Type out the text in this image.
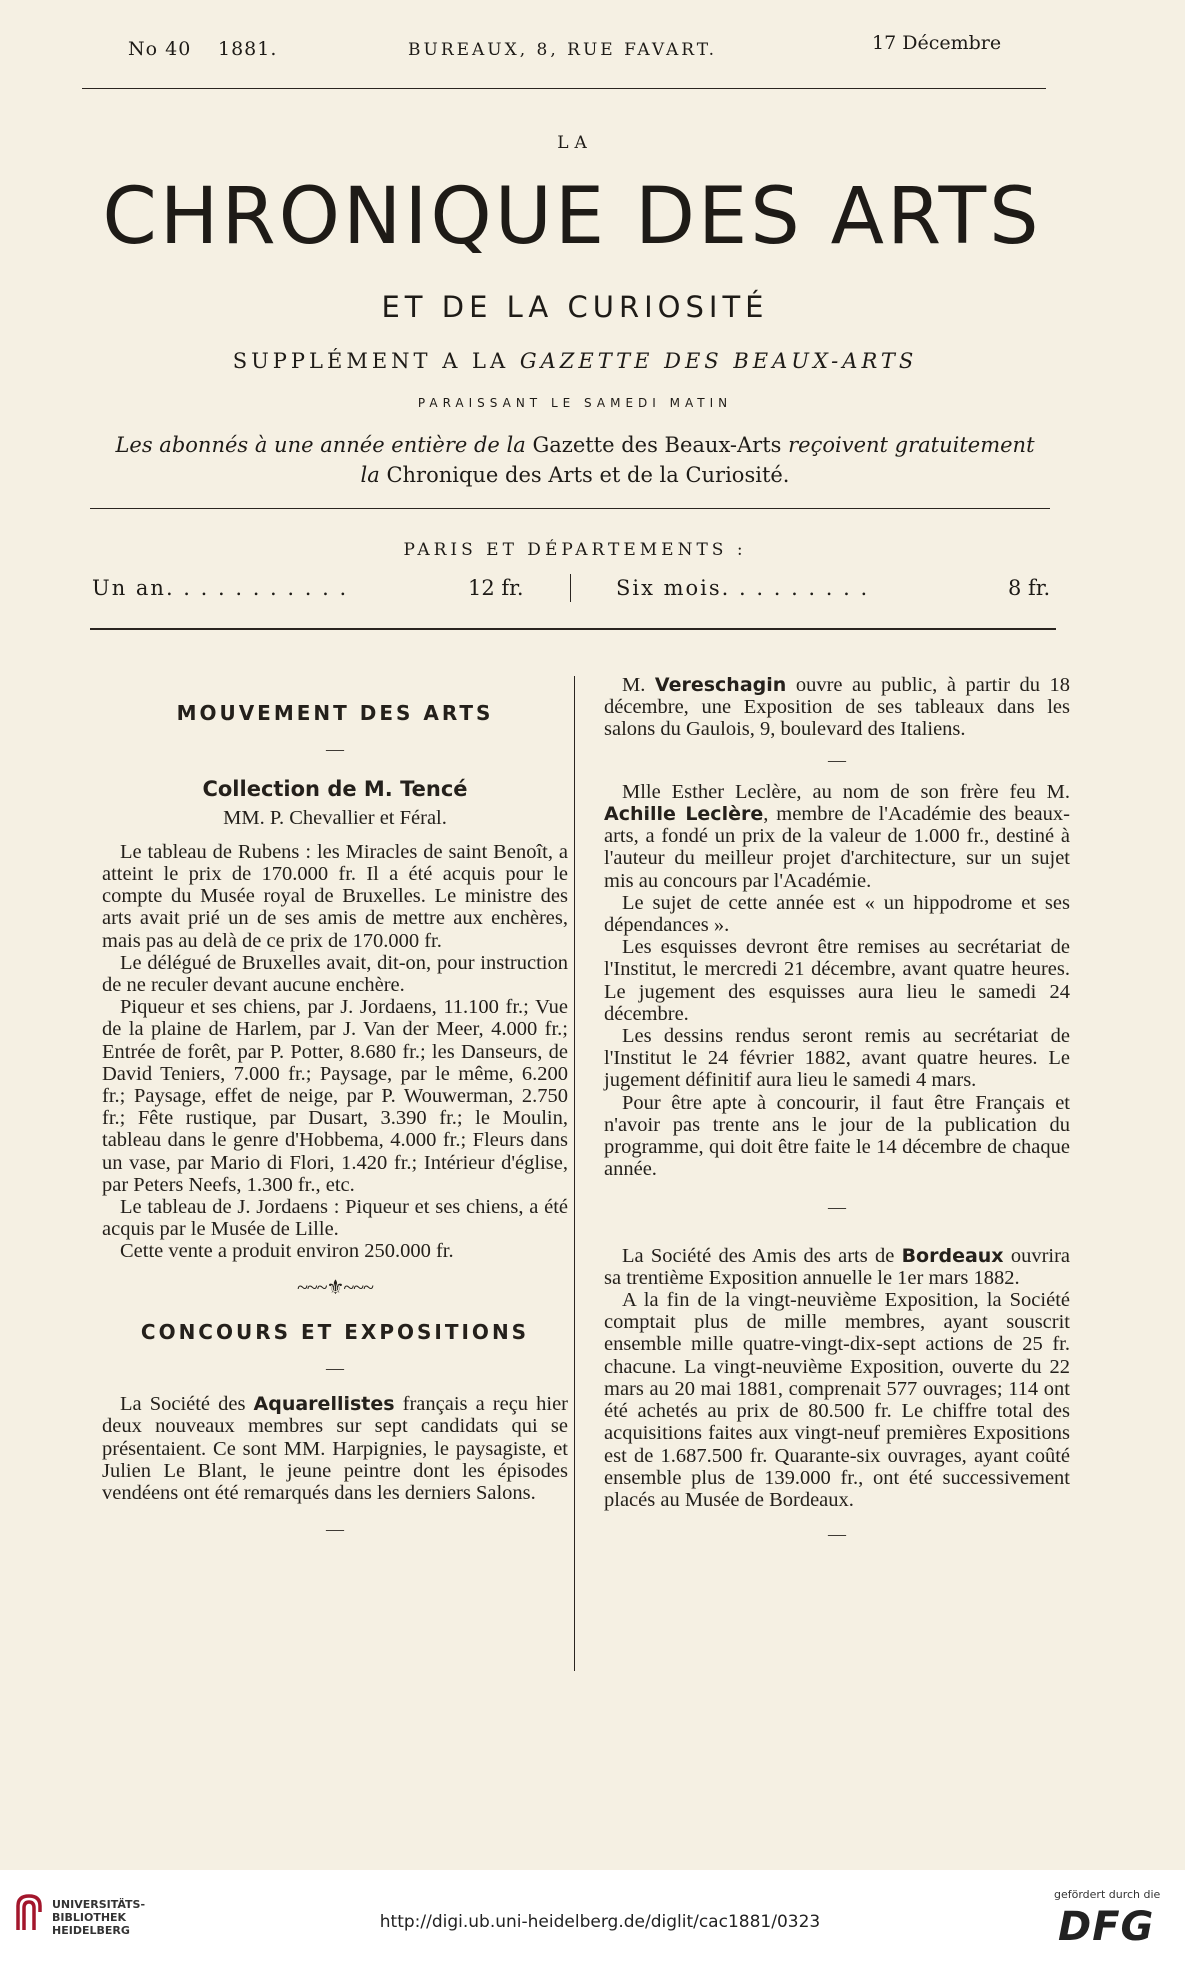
No 40 1881.	BUREAUX, 8, RUE FAVART.	17 Décembre
LA
CHRONIQUE DES ARTS
ET DE LA CURIOSITÉ
SUPPLÉMENT A LA GAZETTE DES BEAUX-ARTS
PARAISSANT LE SAMEDI MATIN
Les abonnés à une année entière de la Gazette des Beaux-Arts reçoivent gratuitement
la Chronique des Arts et de la Curiosité.
PARIS ET DÉPARTEMENTS :
Un an. . . . . . . . . . .	12 fr.	Six mois. . . . . . . . .	8 fr.
MOUVEMENT DES ARTS
—
Collection de M. Tencé
MM. P. Chevallier et Féral.

Le tableau de Rubens : les Miracles de saint Benoît, a atteint le prix de 170.000 fr. Il a été acquis pour le compte du Musée royal de Bruxelles. Le ministre des arts avait prié un de ses amis de mettre aux enchères, mais pas au delà de ce prix de 170.000 fr.

Le délégué de Bruxelles avait, dit-on, pour instruction de ne reculer devant aucune enchère.

Piqueur et ses chiens, par J. Jordaens, 11.100 fr.; Vue de la plaine de Harlem, par J. Van der Meer, 4.000 fr.; Entrée de forêt, par P. Potter, 8.680 fr.; les Danseurs, de David Teniers, 7.000 fr.; Paysage, par le même, 6.200 fr.; Paysage, effet de neige, par P. Wouwerman, 2.750 fr.; Fête rustique, par Dusart, 3.390 fr.; le Moulin, tableau dans le genre d'Hobbema, 4.000 fr.; Fleurs dans un vase, par Mario di Flori, 1.420 fr.; Intérieur d'église, par Peters Neefs, 1.300 fr., etc.

Le tableau de J. Jordaens : Piqueur et ses chiens, a été acquis par le Musée de Lille.

Cette vente a produit environ 250.000 fr.

~~~⚜~~~
CONCOURS ET EXPOSITIONS
—

La Société des Aquarellistes français a reçu hier deux nouveaux membres sur sept candidats qui se présentaient. Ce sont MM. Harpignies, le paysagiste, et Julien Le Blant, le jeune peintre dont les épisodes vendéens ont été remarqués dans les derniers Salons.

—

M. Vereschagin ouvre au public, à partir du 18 décembre, une Exposition de ses tableaux dans les salons du Gaulois, 9, boulevard des Italiens.

—

Mlle Esther Leclère, au nom de son frère feu M. Achille Leclère, membre de l'Académie des beaux-arts, a fondé un prix de la valeur de 1.000 fr., destiné à l'auteur du meilleur projet d'architecture, sur un sujet mis au concours par l'Académie.

Le sujet de cette année est « un hippodrome et ses dépendances ».

Les esquisses devront être remises au secrétariat de l'Institut, le mercredi 21 décembre, avant quatre heures. Le jugement des esquisses aura lieu le samedi 24 décembre.

Les dessins rendus seront remis au secrétariat de l'Institut le 24 février 1882, avant quatre heures. Le jugement définitif aura lieu le samedi 4 mars.

Pour être apte à concourir, il faut être Français et n'avoir pas trente ans le jour de la publication du programme, qui doit être faite le 14 décembre de chaque année.

—

La Société des Amis des arts de Bordeaux ouvrira sa trentième Exposition annuelle le 1er mars 1882.

A la fin de la vingt-neuvième Exposition, la Société comptait plus de mille membres, ayant souscrit ensemble mille quatre-vingt-dix-sept actions de 25 fr. chacune. La vingt-neuvième Exposition, ouverte du 22 mars au 20 mai 1881, comprenait 577 ouvrages; 114 ont été achetés au prix de 80.500 fr. Le chiffre total des acquisitions faites aux vingt-neuf premières Expositions est de 1.687.500 fr. Quarante-six ouvrages, ayant coûté ensemble plus de 139.000 fr., ont été successivement placés au Musée de Bordeaux.

—
UNIVERSITÄTS-
BIBLIOTHEK
HEIDELBERG	http://digi.ub.uni-heidelberg.de/diglit/cac1881/0323
gefördert durch die
DFG
